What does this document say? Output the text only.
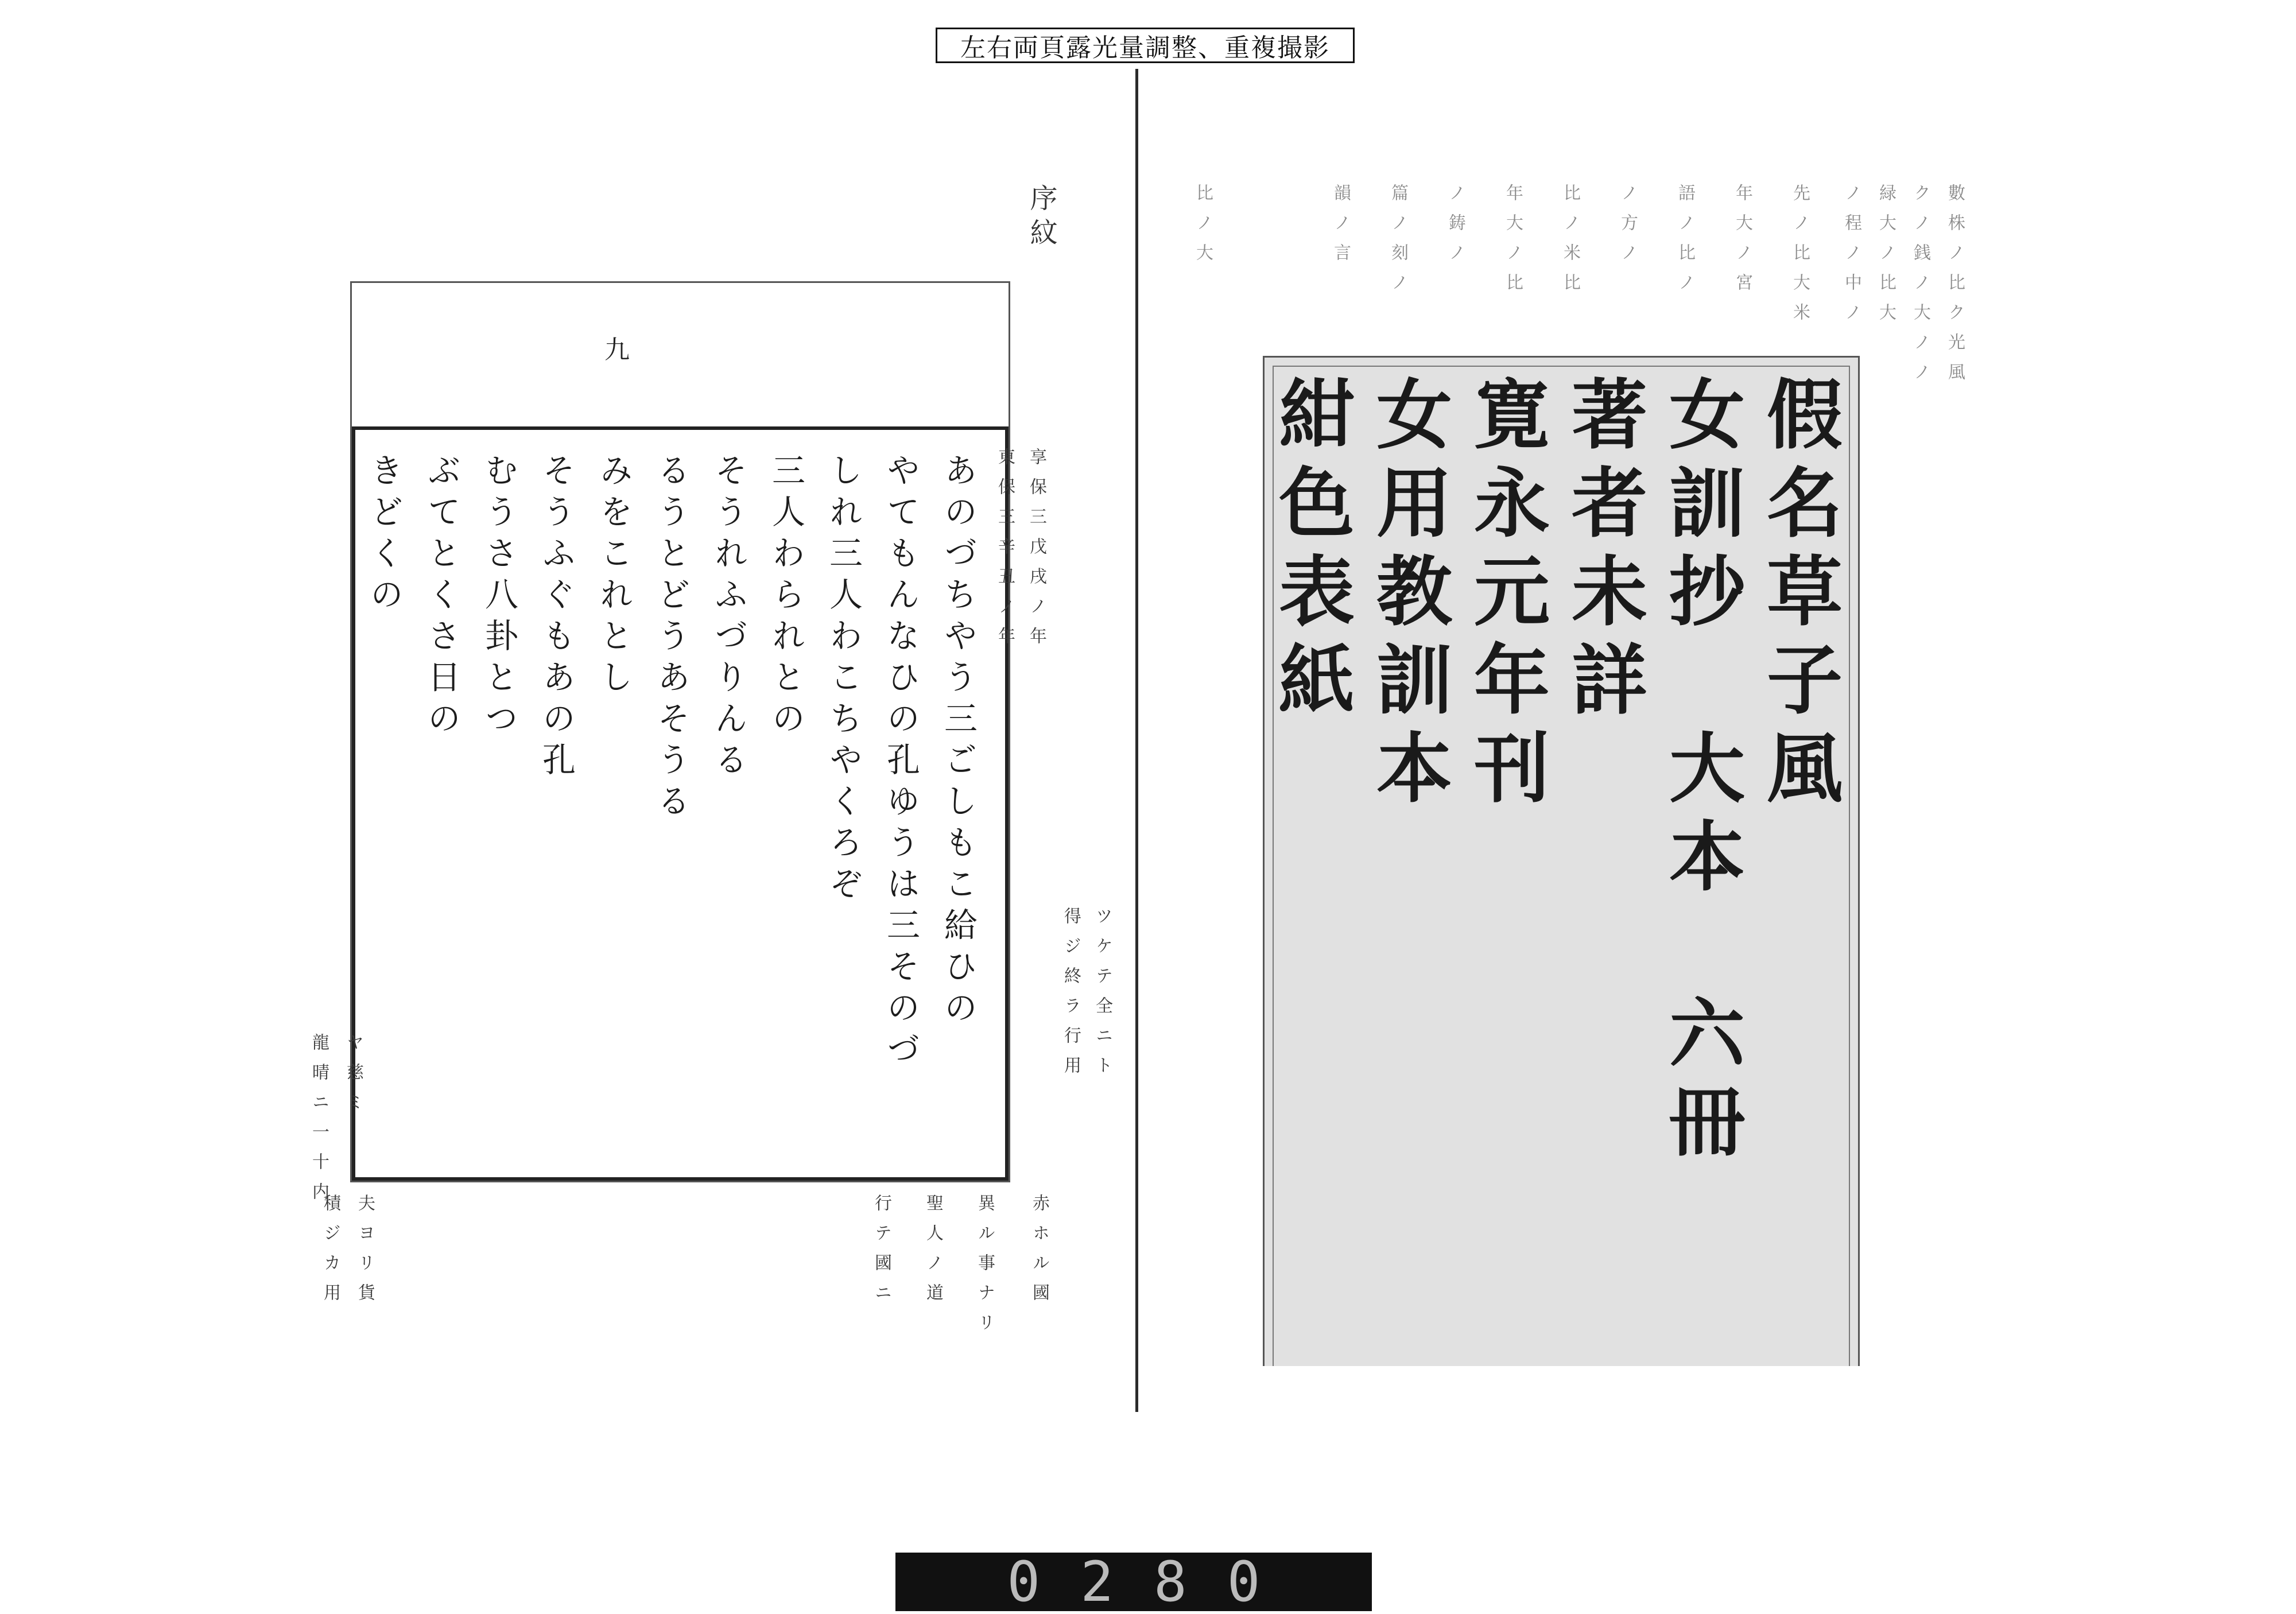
左右両頁露光量調整、重複撮影
序紋
九
あのづちやう三ごしもこ給ひの
やてもんなひの孔ゆうは三そのづ
しれ三人わこちやくろぞ
三人わられとの
そうれふづりんる
るうとどうあそうる
みをこれとし
そうふぐもあの孔
むうさ八卦とつ
ぶてとくさ日の
きどくの	享保三戊戌ノ年
東保三辛丑ノ年
ツケテ全ニト
得ジ終ラ行用
赤ホル國
異ル事ナリ
聖人ノ道
行テ國ニ
夫ヨリ貨
積ジカ用
龍晴ニ一十内 ヤ慈ミ
數株ノ比ク光風
クノ銭ノ大ノノ
緑大ノ比大
ノ程ノ中ノ
先ノ比大米
年大ノ宮
語ノ比ノ
ノ方ノ
比ノ米比
年大ノ比
ノ鋳ノ
篇ノ刻ノ
韻ノ言
比ノ大
假名草子風
女訓抄　大本　六冊
著者未詳
寛永元年刊
女用教訓本
紺色表紙
0280
